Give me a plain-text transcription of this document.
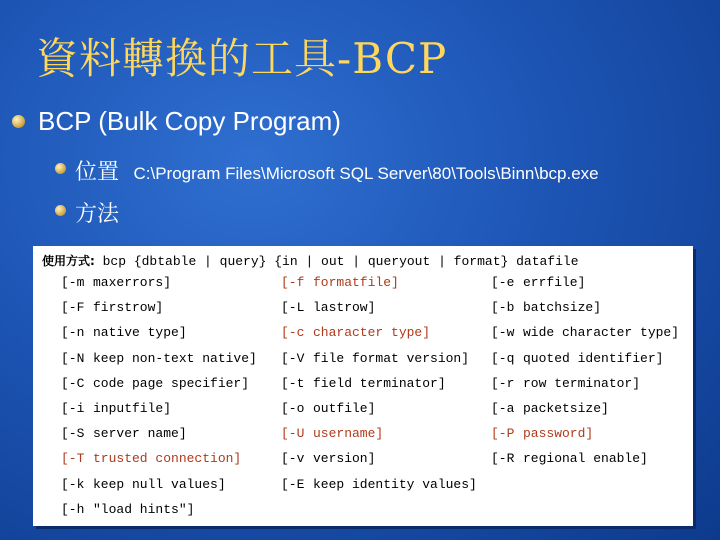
資料轉換的工具-BCP
BCP (Bulk Copy Program)
位置 C:\Program Files\Microsoft SQL Server\80\Tools\Binn\bcp.exe
方法
使用方式: bcp {dbtable | query} {in | out | queryout | format} datafile
[-m maxerrors]	[-f formatfile]	[-e errfile]
[-F firstrow]	[-L lastrow]	[-b batchsize]
[-n native type]	[-c character type]	[-w wide character type]
[-N keep non-text native]	[-V file format version]	[-q quoted identifier]
[-C code page specifier]	[-t field terminator]	[-r row terminator]
[-i inputfile]	[-o outfile]	[-a packetsize]
[-S server name]	[-U username]	[-P password]
[-T trusted connection]	[-v version]	[-R regional enable]
[-k keep null values]	[-E keep identity values]
[-h "load hints"]
